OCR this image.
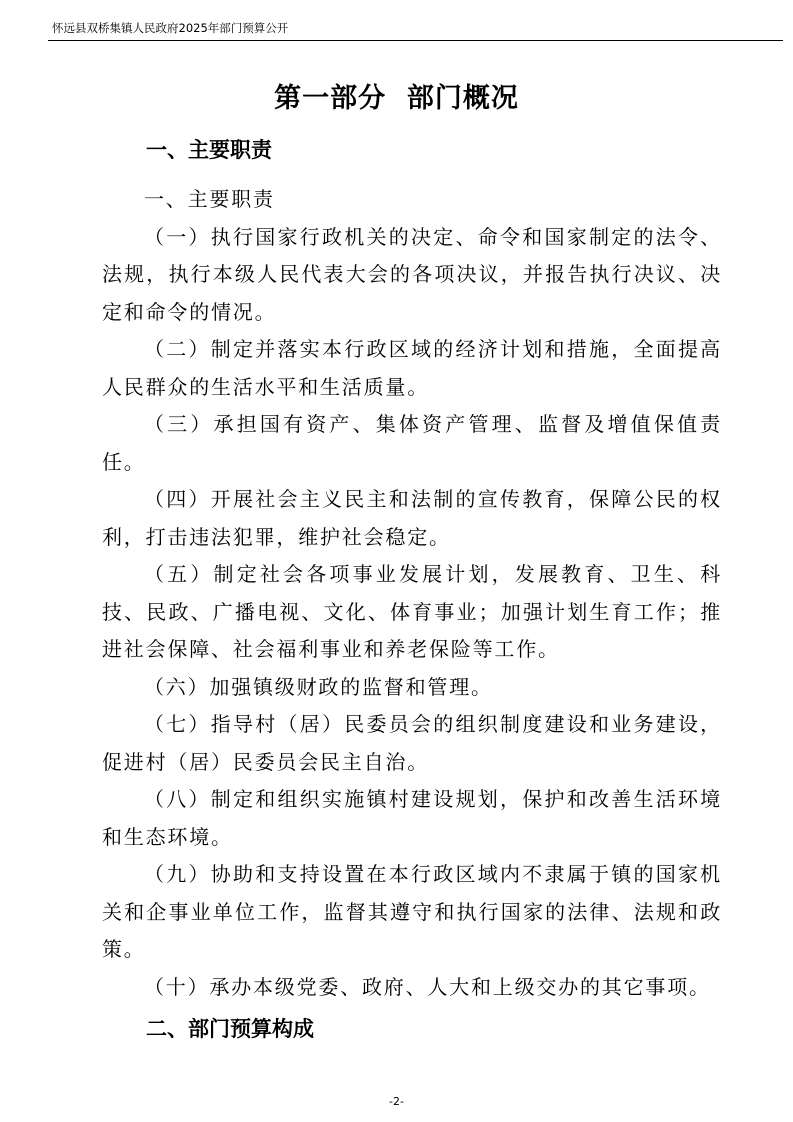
怀远县双桥集镇人民政府2025年部门预算公开
第一部分  部门概况
一、主要职责

一、主要职责

（一）执行国家行政机关的决定、命令和国家制定的法令、法规，执行本级人民代表大会的各项决议，并报告执行决议、决定和命令的情况。

（二）制定并落实本行政区域的经济计划和措施，全面提高人民群众的生活水平和生活质量。

（三）承担国有资产、集体资产管理、监督及增值保值责任。

（四）开展社会主义民主和法制的宣传教育，保障公民的权利，打击违法犯罪，维护社会稳定。

（五）制定社会各项事业发展计划，发展教育、卫生、科技、民政、广播电视、文化、体育事业；加强计划生育工作；推进社会保障、社会福利事业和养老保险等工作。

（六）加强镇级财政的监督和管理。

（七）指导村（居）民委员会的组织制度建设和业务建设，促进村（居）民委员会民主自治。

（八）制定和组织实施镇村建设规划，保护和改善生活环境和生态环境。

（九）协助和支持设置在本行政区域内不隶属于镇的国家机关和企事业单位工作，监督其遵守和执行国家的法律、法规和政策。

（十）承办本级党委、政府、人大和上级交办的其它事项。

二、部门预算构成
-2-
